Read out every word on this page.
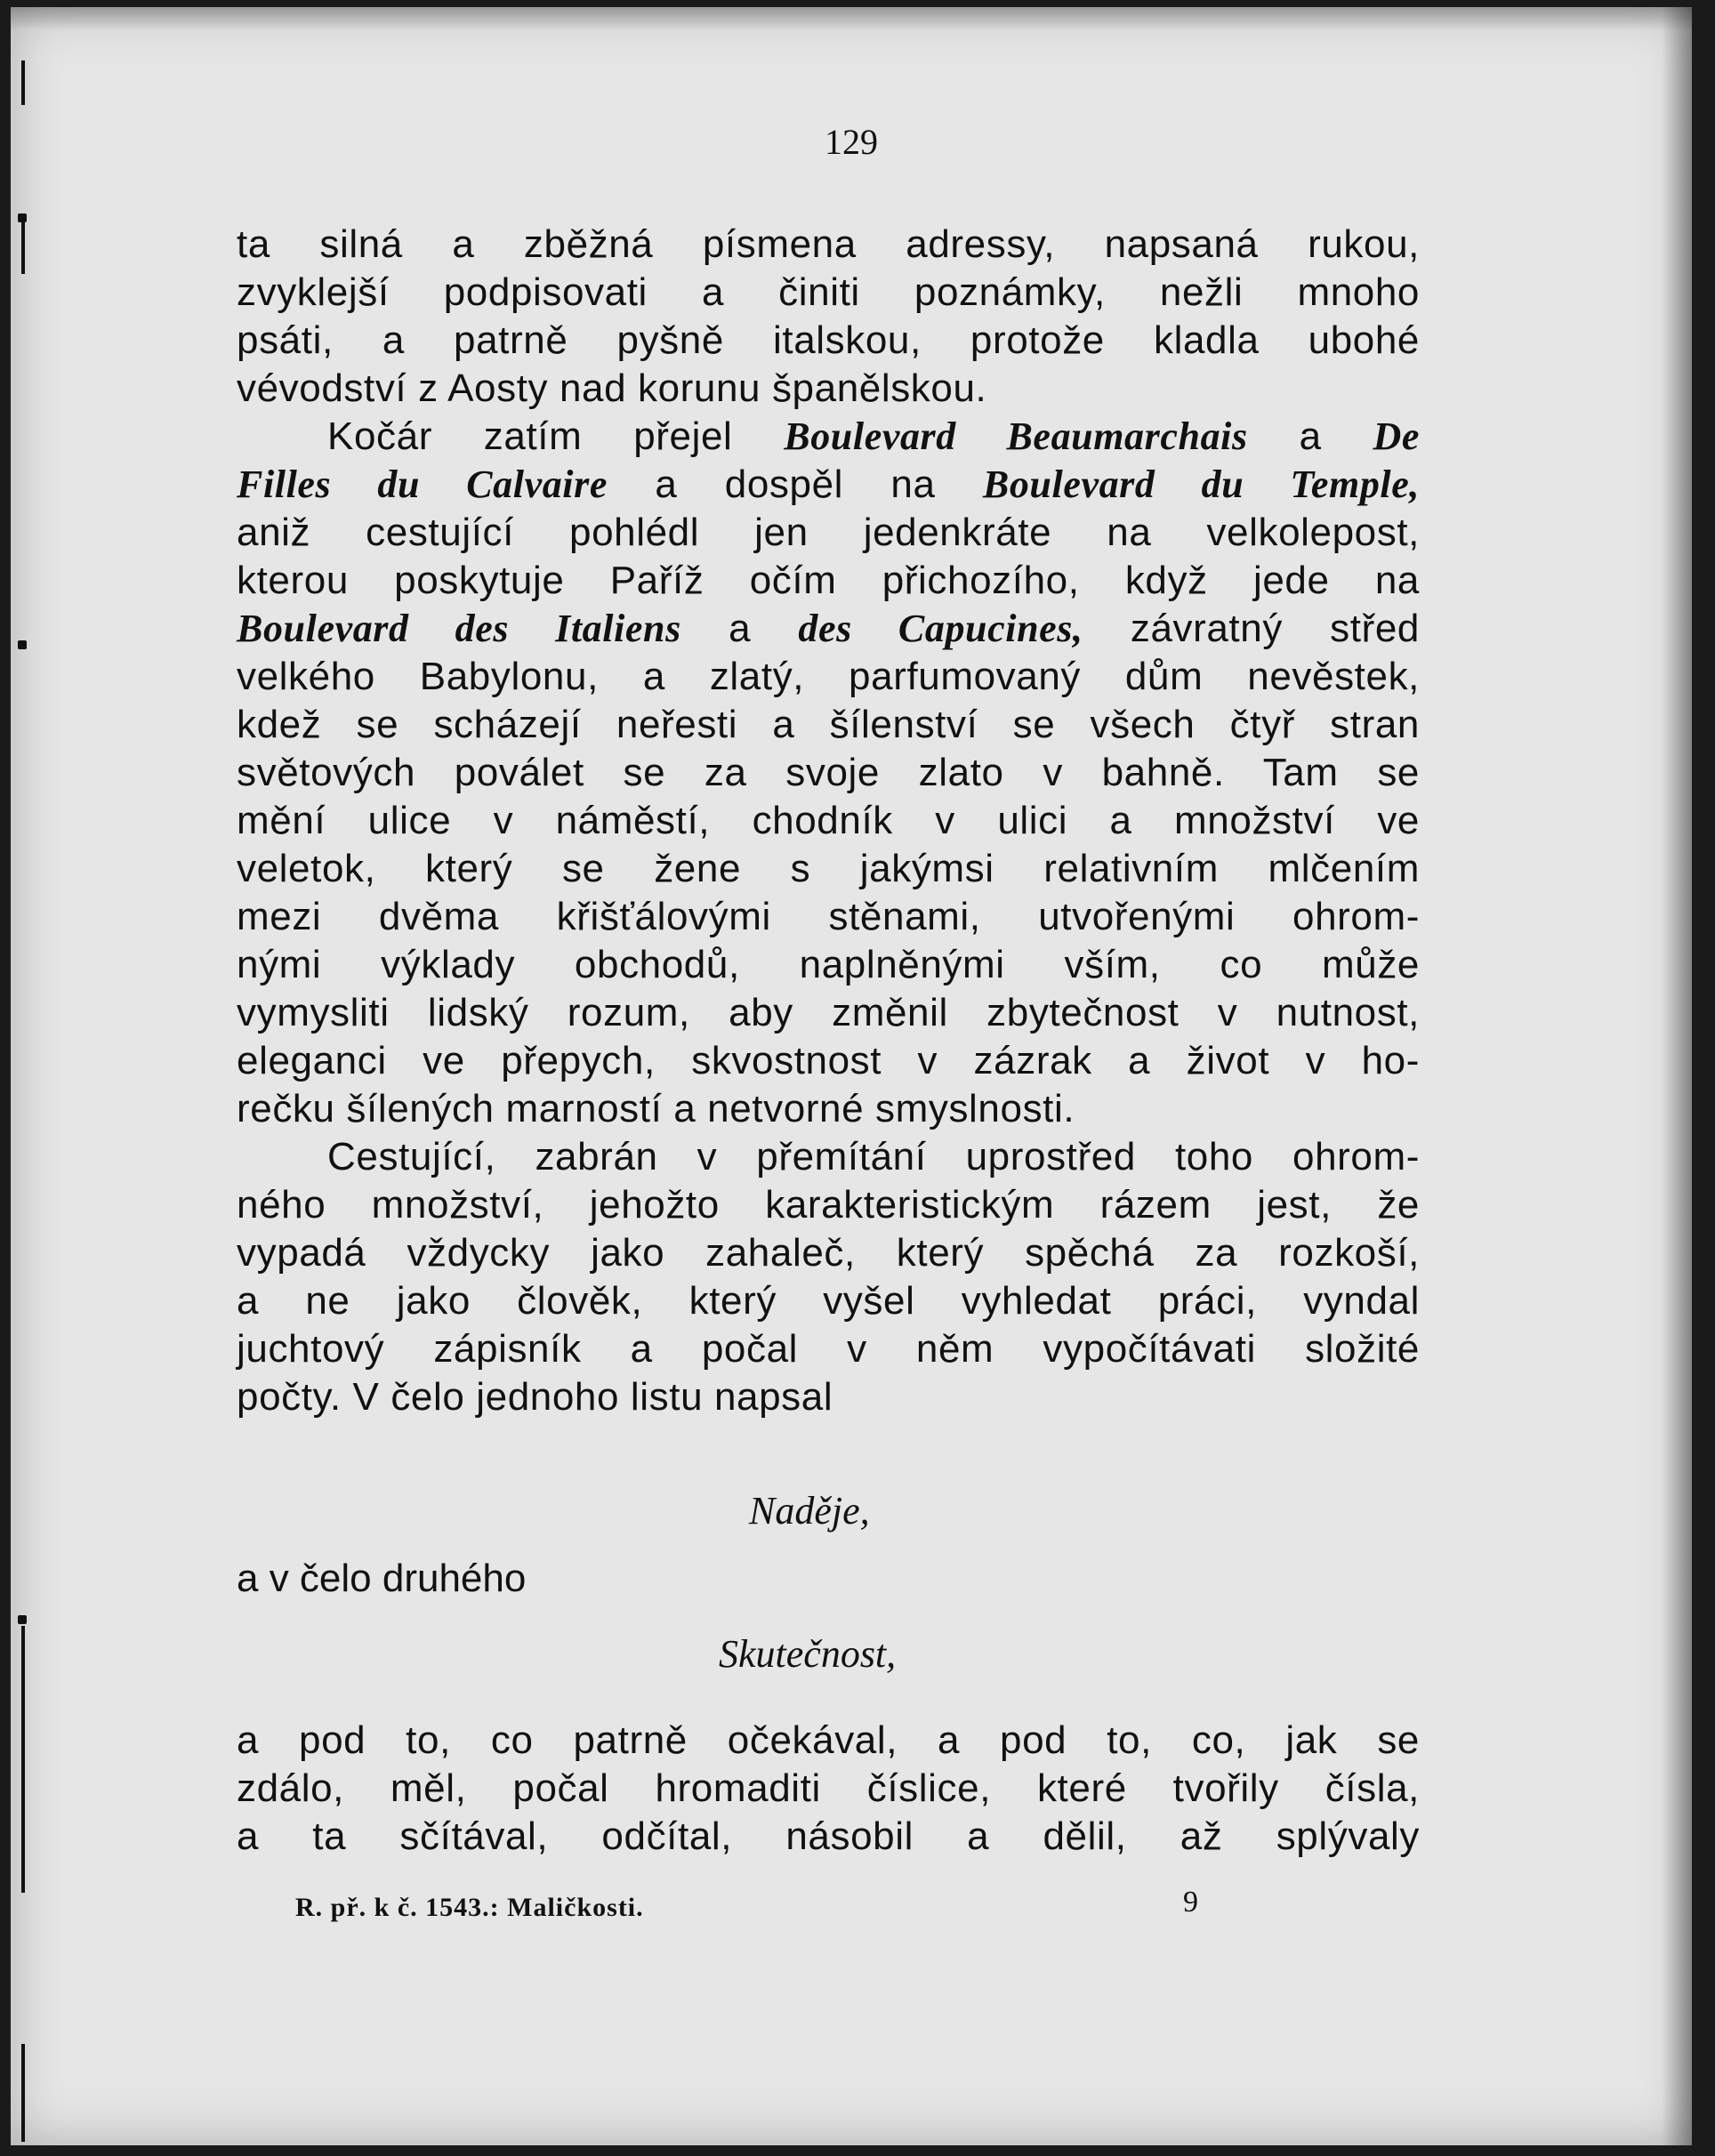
129
ta silná a zběžná písmena adressy, napsaná rukou,
zvyklejší podpisovati a činiti poznámky, nežli mnoho
psáti, a patrně pyšně italskou, protože kladla ubohé
vévodství z Aosty nad korunu španělskou.
Kočár zatím přejel Boulevard Beaumarchais a De
Filles du Calvaire a dospěl na Boulevard du Temple,
aniž cestující pohlédl jen jedenkráte na velkolepost,
kterou poskytuje Paříž očím přichozího, když jede na
Boulevard des Italiens a des Capucines, závratný střed
velkého Babylonu, a zlatý, parfumovaný dům nevěstek,
kdež se scházejí neřesti a šílenství se všech čtyř stran
světových poválet se za svoje zlato v bahně. Tam se
mění ulice v náměstí, chodník v ulici a množství ve
veletok, který se žene s jakýmsi relativním mlčením
mezi dvěma křišťálovými stěnami, utvořenými ohrom-
nými výklady obchodů, naplněnými vším, co může
vymysliti lidský rozum, aby změnil zbytečnost v nutnost,
eleganci ve přepych, skvostnost v zázrak a život v ho-
rečku šílených marností a netvorné smyslnosti.
Cestující, zabrán v přemítání uprostřed toho ohrom-
ného množství, jehožto karakteristickým rázem jest, že
vypadá vždycky jako zahaleč, který spěchá za rozkoší,
a ne jako člověk, který vyšel vyhledat práci, vyndal
juchtový zápisník a počal v něm vypočítávati složité
počty. V čelo jednoho listu napsal
Naděje,
a v čelo druhého
Skutečnost,
a pod to, co patrně očekával, a pod to, co, jak se
zdálo, měl, počal hromaditi číslice, které tvořily čísla,
a ta sčítával, odčítal, násobil a dělil, až splývaly
R. př. k č. 1543.: Maličkosti.	9
